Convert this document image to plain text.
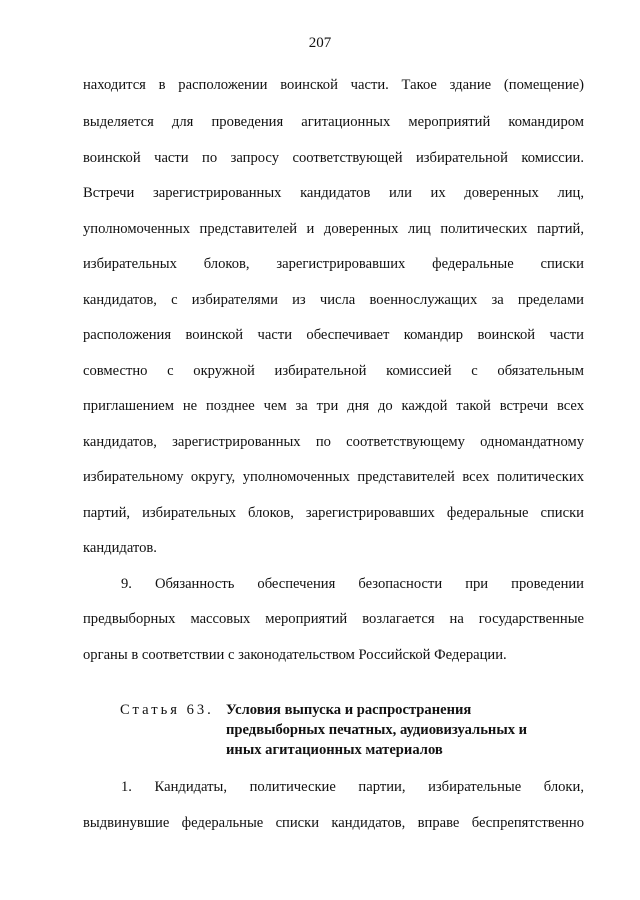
207
находится в расположении воинской части. Такое здание (помещение)
выделяется для проведения агитационных мероприятий командиром
воинской части по запросу соответствующей избирательной комиссии.
Встречи зарегистрированных кандидатов или их доверенных лиц,
уполномоченных представителей и доверенных лиц политических партий,
избирательных блоков, зарегистрировавших федеральные списки
кандидатов, с избирателями из числа военнослужащих за пределами
расположения воинской части обеспечивает командир воинской части
совместно с окружной избирательной комиссией с обязательным
приглашением не позднее чем за три дня до каждой такой встречи всех
кандидатов, зарегистрированных по соответствующему одномандатному
избирательному округу, уполномоченных представителей всех политических
партий, избирательных блоков, зарегистрировавших федеральные списки
кандидатов.
9. Обязанность обеспечения безопасности при проведении
предвыборных массовых мероприятий возлагается на государственные
органы в соответствии с законодательством Российской Федерации.
Статья 63. Условия выпуска и распространения
предвыборных печатных, аудиовизуальных и
иных агитационных материалов
1. Кандидаты, политические партии, избирательные блоки,
выдвинувшие федеральные списки кандидатов, вправе беспрепятственно
